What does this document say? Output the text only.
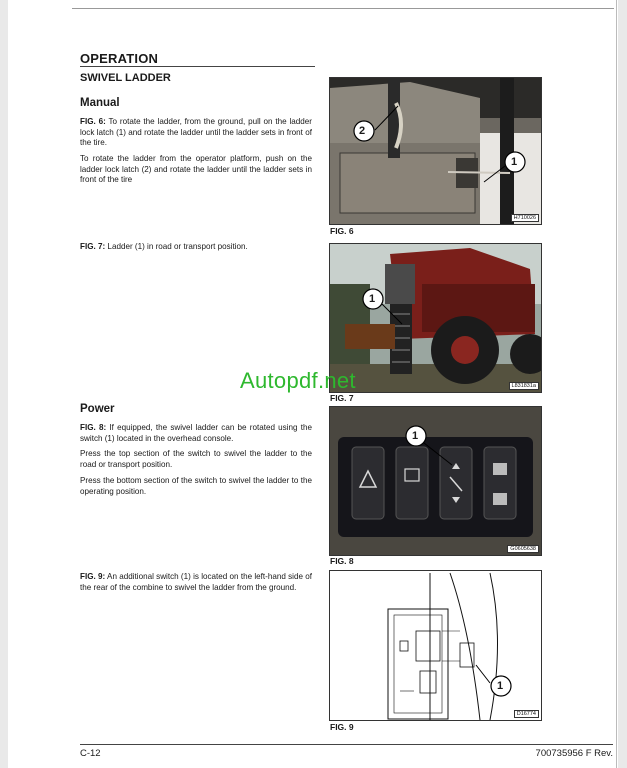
OPERATION
SWIVEL LADDER
Manual

FIG. 6: To rotate the ladder, from the ground, pull on the ladder lock latch (1) and rotate the ladder until the ladder sets in front of the tire.

To rotate the ladder from the operator platform, push on the ladder lock latch (2) and rotate the ladder until the ladder sets in front of the tire

FIG. 7: Ladder (1) in road or transport position.

Power

FIG. 8: If equipped, the swivel ladder can be rotated using the switch (1) located in the overhead console.

Press the top section of the switch to swivel the ladder to the road or transport position.

Press the bottom section of the switch to swivel the ladder to the operating position.

FIG. 9: An additional switch (1) is located on the left-hand side of the rear of the combine to swivel the ladder from the ground.

2
1
H710026
FIG. 6
1
L831831a
FIG. 7
1
G0605638
FIG. 8
1
D16774
FIG. 9
Autopdf.net
C-12	700735956 F Rev.
